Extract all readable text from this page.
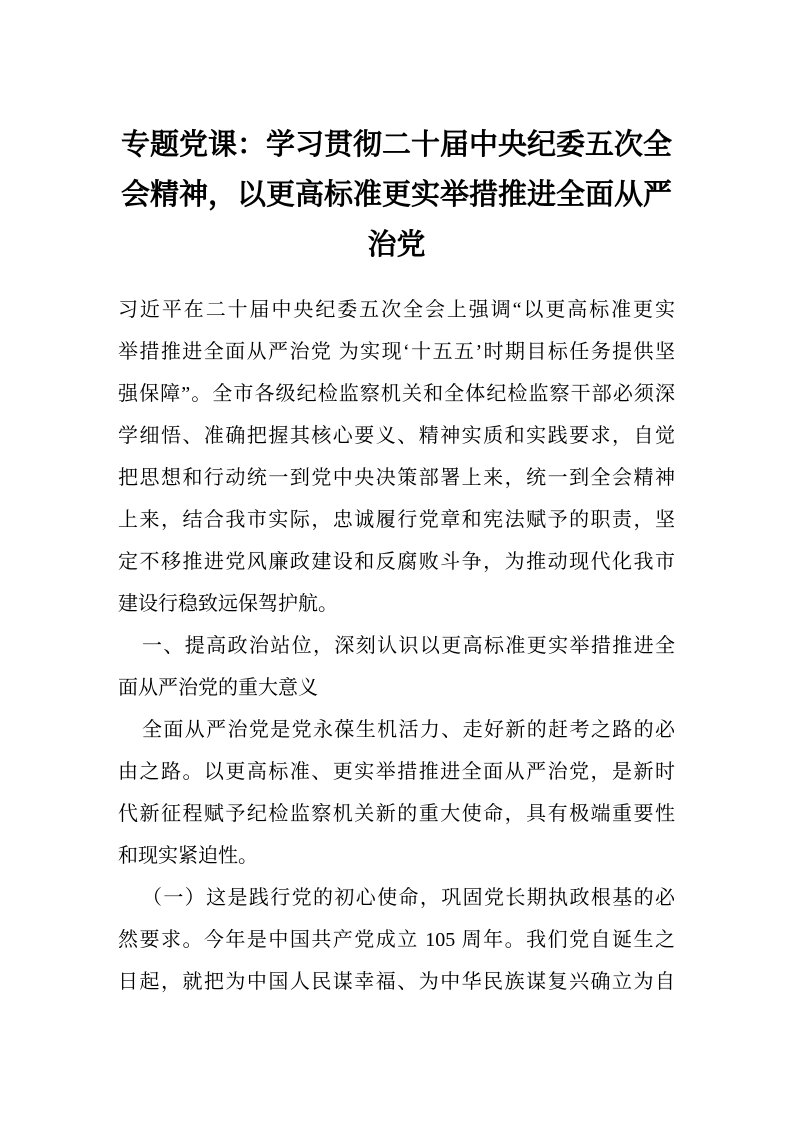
专题党课：学习贯彻二十届中央纪委五次全
会精神，以更高标准更实举措推进全面从严
治党
习近平在二十届中央纪委五次全会上强调“以更高标准更实
举措推进全面从严治党 为实现‘十五五’时期目标任务提供坚
强保障”。全市各级纪检监察机关和全体纪检监察干部必须深
学细悟、准确把握其核心要义、精神实质和实践要求，自觉
把思想和行动统一到党中央决策部署上来，统一到全会精神
上来，结合我市实际，忠诚履行党章和宪法赋予的职责，坚
定不移推进党风廉政建设和反腐败斗争，为推动现代化我市
建设行稳致远保驾护航。
一、提高政治站位，深刻认识以更高标准更实举措推进全
面从严治党的重大意义
全面从严治党是党永葆生机活力、走好新的赶考之路的必
由之路。以更高标准、更实举措推进全面从严治党，是新时
代新征程赋予纪检监察机关新的重大使命，具有极端重要性
和现实紧迫性。
（一）这是践行党的初心使命，巩固党长期执政根基的必
然要求。今年是中国共产党成立 105 周年。我们党自诞生之
日起，就把为中国人民谋幸福、为中华民族谋复兴确立为自
